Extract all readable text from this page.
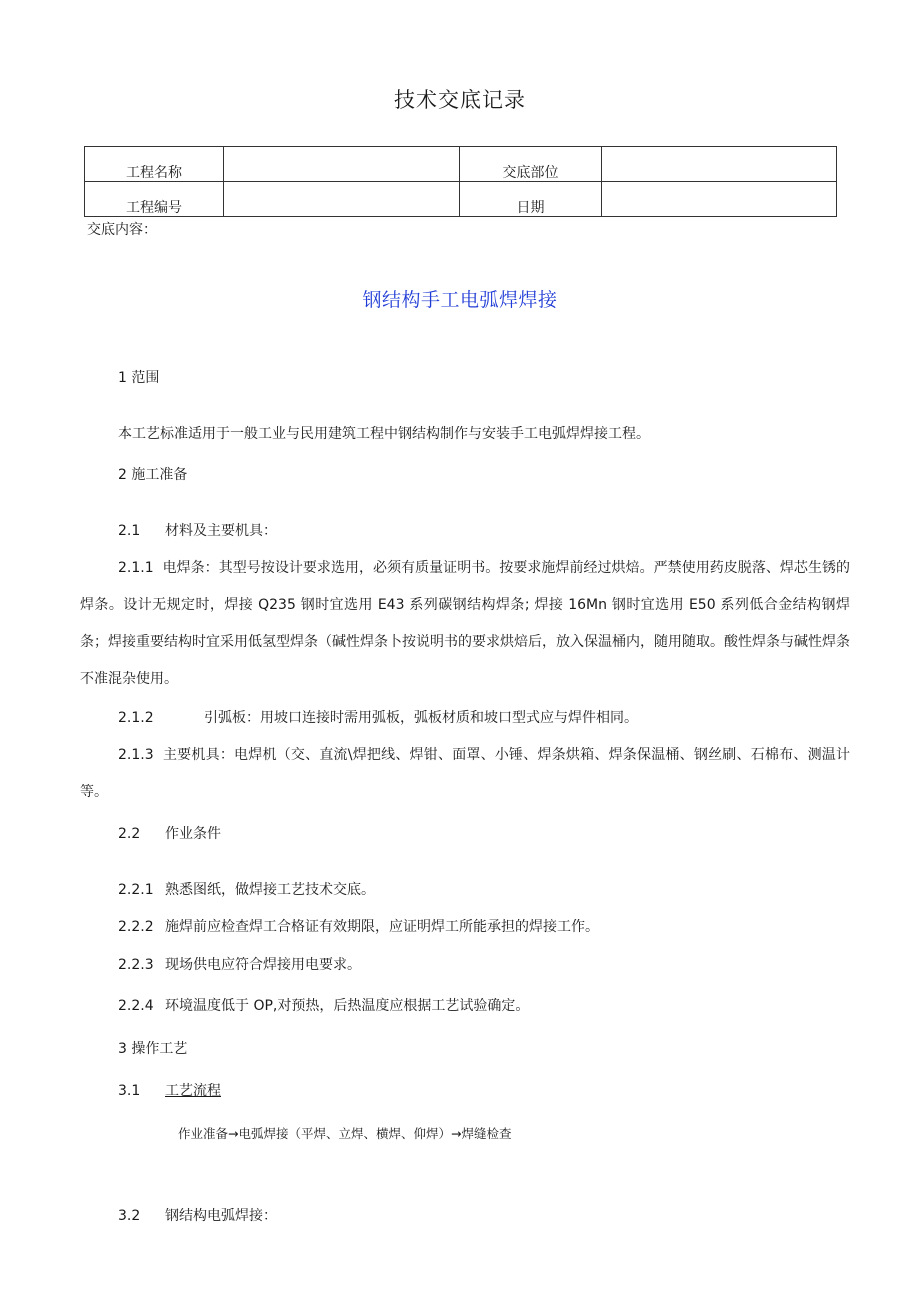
技术交底记录
工程名称		交底部位	
工程编号		日期	
交底内容：
钢结构手工电弧焊焊接
1 范围
本工艺标准适用于一般工业与民用建筑工程中钢结构制作与安装手工电弧焊焊接工程。
2 施工准备
2.1 材料及主要机具：
2.1.1 电焊条：其型号按设计要求选用，必须有质量证明书。按要求施焊前经过烘焙。严禁使用药皮脱落、焊芯生锈的焊条。设计无规定时，焊接 Q235 钢时宜选用 E43 系列碳钢结构焊条; 焊接 16Mn 钢时宜选用 E50 系列低合金结构钢焊条；焊接重要结构时宜采用低氢型焊条（碱性焊条卜按说明书的要求烘焙后，放入保温桶内，随用随取。酸性焊条与碱性焊条不准混杂使用。
2.1.2	引弧板：用坡口连接时需用弧板，弧板材质和坡口型式应与焊件相同。
2.1.3 主要机具：电焊机（交、直流\焊把线、焊钳、面罩、小锤、焊条烘箱、焊条保温桶、钢丝刷、石棉布、测温计等。
2.2 作业条件
2.2.1 熟悉图纸，做焊接工艺技术交底。
2.2.2 施焊前应检查焊工合格证有效期限，应证明焊工所能承担的焊接工作。
2.2.3 现场供电应符合焊接用电要求。
2.2.4 环境温度低于 OP,对预热，后热温度应根据工艺试验确定。
3 操作工艺
3.1 工艺流程
作业准备→电弧焊接（平焊、立焊、横焊、仰焊）→焊缝检查
3.2 钢结构电弧焊接：
